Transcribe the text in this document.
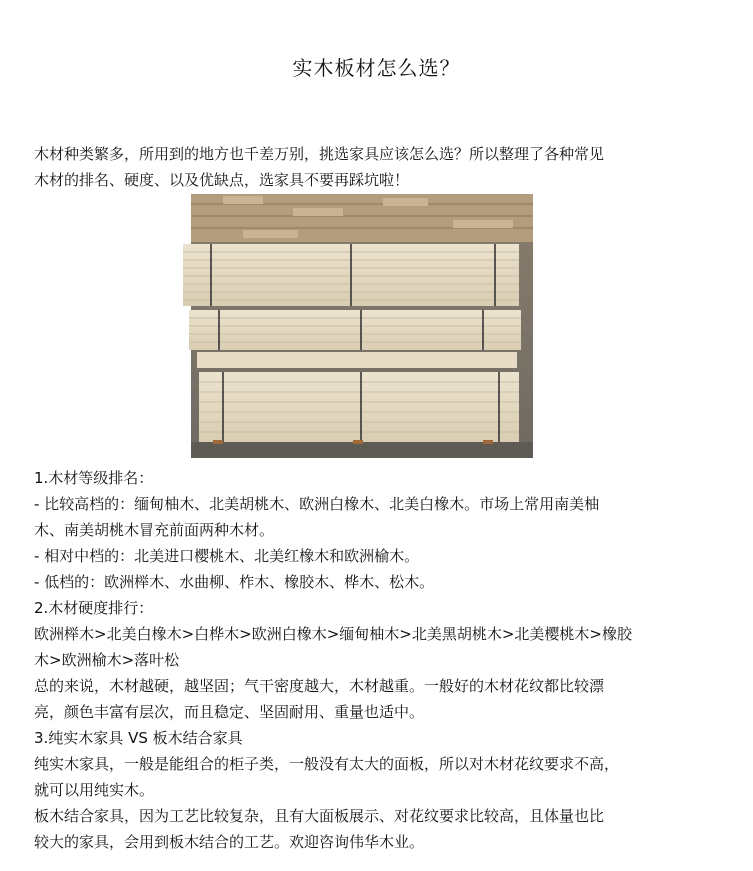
实木板材怎么选？
木材种类繁多，所用到的地方也千差万别，挑选家具应该怎么选？所以整理了各种常见
木材的排名、硬度、以及优缺点，选家具不要再踩坑啦！
1.木材等级排名：
- 比较高档的：缅甸柚木、北美胡桃木、欧洲白橡木、北美白橡木。市场上常用南美柚
木、南美胡桃木冒充前面两种木材。
- 相对中档的：北美进口樱桃木、北美红橡木和欧洲榆木。
- 低档的：欧洲榉木、水曲柳、柞木、橡胶木、桦木、松木。
2.木材硬度排行：
欧洲榉木>北美白橡木>白桦木>欧洲白橡木>缅甸柚木>北美黑胡桃木>北美樱桃木>橡胶
木>欧洲榆木>落叶松
总的来说，木材越硬，越坚固；气干密度越大，木材越重。一般好的木材花纹都比较漂
亮，颜色丰富有层次，而且稳定、坚固耐用、重量也适中。
3.纯实木家具 VS 板木结合家具
纯实木家具，一般是能组合的柜子类，一般没有太大的面板，所以对木材花纹要求不高，
就可以用纯实木。
板木结合家具，因为工艺比较复杂，且有大面板展示、对花纹要求比较高，且体量也比
较大的家具，会用到板木结合的工艺。欢迎咨询伟华木业。
